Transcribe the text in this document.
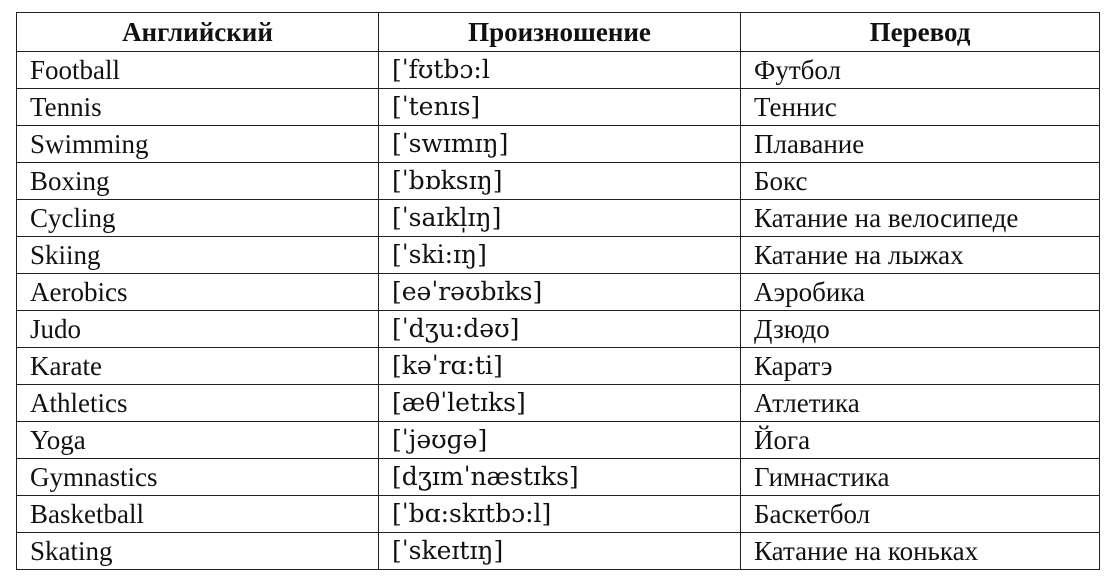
Английский	Произношение	Перевод
Football	[ˈfʊtbɔ:l	Футбол
Tennis	[ˈtenɪs]	Теннис
Swimming	[ˈswɪmɪŋ]	Плавание
Boxing	[ˈbɒksɪŋ]	Бокс
Cycling	[ˈsaɪkl̩ɪŋ]	Катание на велосипеде
Skiing	[ˈski:ɪŋ]	Катание на лыжах
Aerobics	[eəˈrəʊbɪks]	Аэробика
Judo	[ˈdʒu:dəʊ]	Дзюдо
Karate	[kəˈrɑ:ti]	Каратэ
Athletics	[æθˈletɪks]	Атлетика
Yoga	[ˈjəʊɡə]	Йога
Gymnastics	[dʒɪmˈnæstɪks]	Гимнастика
Basketball	[ˈbɑ:skɪtbɔ:l]	Баскетбол
Skating	[ˈskeɪtɪŋ]	Катание на коньках
